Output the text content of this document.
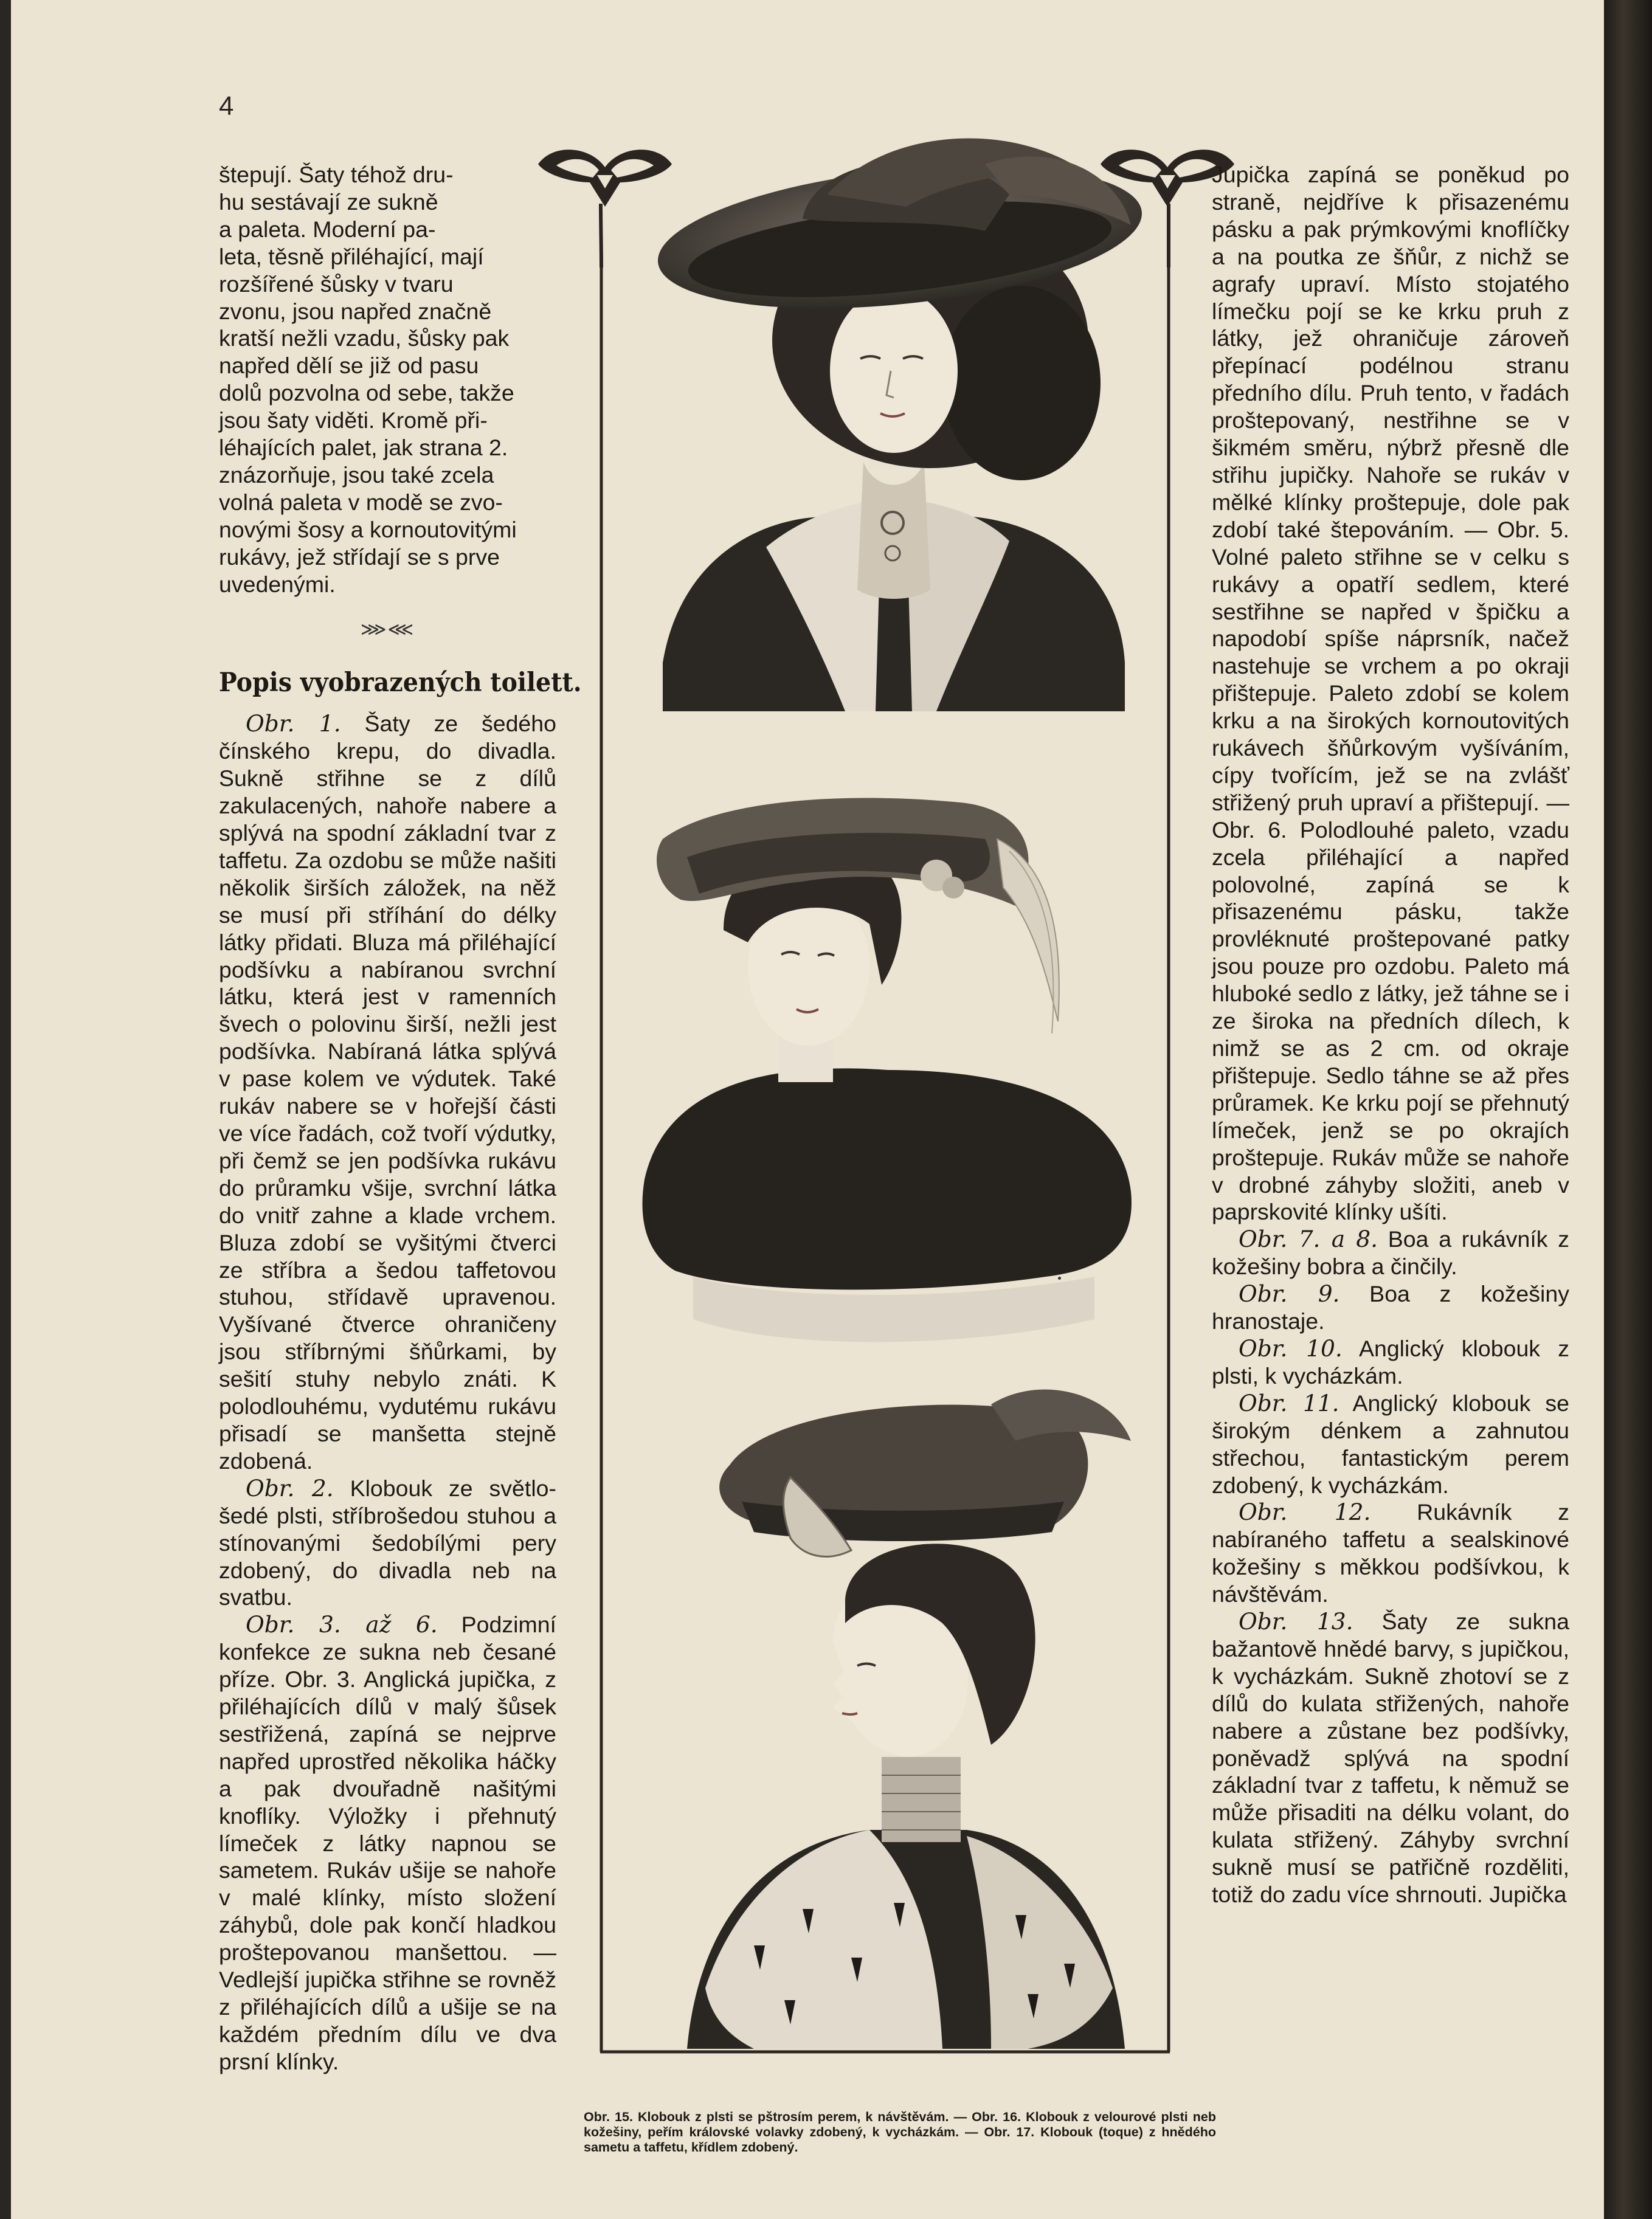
4

štepují. Šaty téhož dru-

hu sestávají ze sukně

a paleta. Moderní pa-

leta, těsně přiléhající, mají

rozšířené šůsky v tvaru

zvonu, jsou napřed značně

kratší nežli vzadu, šůsky pak

napřed dělí se již od pasu

dolů pozvolna od sebe, takže

jsou šaty viděti. Kromě při-

léhajících palet, jak strana 2.

znázorňuje, jsou také zcela

volná paleta v modě se zvo-

novými šosy a kornoutovitými

rukávy, jež střídají se s prve

uvedenými.

⋙⋘
Popis vyobrazených toilett.

Obr. 1. Šaty ze šedého čínského krepu, do divadla. Sukně střihne se z dílů zakulacených, nahoře nabere a splývá na spodní základní tvar z taffetu. Za ozdobu se může našiti několik širších záložek, na něž se musí při stříhání do délky látky přidati. Bluza má přiléhající podšívku a nabíranou svrchní látku, která jest v ramenních švech o polovinu širší, nežli jest podšívka. Nabíraná látka splývá v pase kolem ve výdutek. Také rukáv nabere se v hořejší části ve více řadách, což tvoří výdutky, při čemž se jen podšívka rukávu do průramku všije, svrchní látka do vnitř zahne a klade vrchem. Bluza zdobí se vyšitými čtverci ze stříbra a šedou taffetovou stuhou, střídavě upravenou. Vyšívané čtverce ohraničeny jsou stříbrnými šňůrkami, by sešití stuhy nebylo znáti. K polodlouhému, vydutému rukávu přisadí se manšetta stejně zdobená.

Obr. 2. Klobouk ze světlo-šedé plsti, stříbrošedou stuhou a stínovanými šedobílými pery zdobený, do divadla neb na svatbu.

Obr. 3. až 6. Podzimní konfekce ze sukna neb česané příze. Obr. 3. Anglická jupička, z přiléhajících dílů v malý šůsek sestřižená, zapíná se nejprve napřed uprostřed několika háčky a pak dvouřadně našitými knoflíky. Výložky i přehnutý límeček z látky napnou se sametem. Rukáv ušije se nahoře v malé klínky, místo složení záhybů, dole pak končí hladkou proštepovanou manšettou. — Vedlejší jupička střihne se rovněž z přiléhajících dílů a ušije se na každém předním dílu ve dva prsní klínky.

Obr. 15. Klobouk z plsti se pštrosím perem, k návštěvám. — Obr. 16. Klobouk z velourové plsti neb kožešiny, peřím královské volavky zdobený, k vycházkám. — Obr. 17. Klobouk (toque) z hnědého sametu a taffetu, křídlem zdobený.

Jupička zapíná se poněkud po straně, nejdříve k přisazenému pásku a pak prýmkovými knoflíčky a na poutka ze šňůr, z nichž se agrafy upraví. Místo stojatého límečku pojí se ke krku pruh z látky, jež ohraničuje zároveň přepínací podélnou stranu předního dílu. Pruh tento, v řadách proštepovaný, nestřihne se v šikmém směru, nýbrž přesně dle střihu jupičky. Nahoře se rukáv v mělké klínky proštepuje, dole pak zdobí také štepováním. — Obr. 5. Volné paleto střihne se v celku s rukávy a opatří sedlem, které sestřihne se napřed v špičku a napodobí spíše náprsník, načež nastehuje se vrchem a po okraji přištepuje. Paleto zdobí se kolem krku a na širokých kornoutovitých rukávech šňůrkovým vyšíváním, cípy tvořícím, jež se na zvlášť střižený pruh upraví a přištepují. — Obr. 6. Polodlouhé paleto, vzadu zcela přiléhající a napřed polovolné, zapíná se k přisazenému pásku, takže provléknuté proštepované patky jsou pouze pro ozdobu. Paleto má hluboké sedlo z látky, jež táhne se i ze široka na předních dílech, k nimž se as 2 cm. od okraje přištepuje. Sedlo táhne se až přes průramek. Ke krku pojí se přehnutý límeček, jenž se po okrajích proštepuje. Rukáv může se nahoře v drobné záhyby složiti, aneb v paprskovité klínky ušíti.

Obr. 7. a 8. Boa a rukávník z kožešiny bobra a činčily.

Obr. 9. Boa z kožešiny hranostaje.

Obr. 10. Anglický klobouk z plsti, k vycházkám.

Obr. 11. Anglický klobouk se širokým dénkem a zahnutou střechou, fantastickým perem zdobený, k vycházkám.

Obr. 12. Rukávník z nabíraného taffetu a sealskinové kožešiny s měkkou podšívkou, k návštěvám.

Obr. 13. Šaty ze sukna bažantově hnědé barvy, s jupičkou, k vycházkám. Sukně zhotoví se z dílů do kulata střižených, nahoře nabere a zůstane bez podšívky, poněvadž splývá na spodní základní tvar z taffetu, k němuž se může přisaditi na délku volant, do kulata střižený. Záhyby svrchní sukně musí se patřičně rozděliti, totiž do zadu více shrnouti. Jupička
